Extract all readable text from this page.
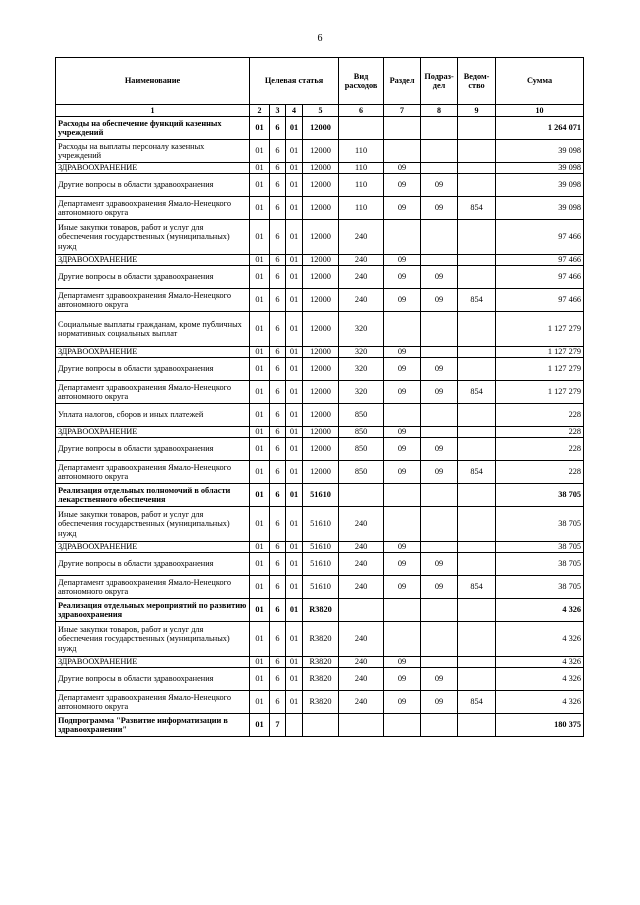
6
Наименование	Целевая статья				Вид расходов	Раздел	Подраз- дел	Ведом- ство	Сумма
1	2	3	4	5	6	7	8	9	10
Расходы на обеспечение функций казенных учреждений	01	6	01	12000					1 264 071
Расходы на выплаты персоналу казенных учреждений	01	6	01	12000	110				39 098
ЗДРАВООХРАНЕНИЕ	01	6	01	12000	110	09			39 098
Другие вопросы в области здравоохранения	01	6	01	12000	110	09	09		39 098
Департамент здравоохранения Ямало-Ненецкого автономного округа	01	6	01	12000	110	09	09	854	39 098
Иные закупки товаров, работ и услуг для обеспечения государственных (муниципальных) нужд	01	6	01	12000	240				97 466
ЗДРАВООХРАНЕНИЕ	01	6	01	12000	240	09			97 466
Другие вопросы в области здравоохранения	01	6	01	12000	240	09	09		97 466
Департамент здравоохранения Ямало-Ненецкого автономного округа	01	6	01	12000	240	09	09	854	97 466
Социальные выплаты гражданам, кроме публичных нормативных социальных выплат	01	6	01	12000	320				1 127 279
ЗДРАВООХРАНЕНИЕ	01	6	01	12000	320	09			1 127 279
Другие вопросы в области здравоохранения	01	6	01	12000	320	09	09		1 127 279
Департамент здравоохранения Ямало-Ненецкого автономного округа	01	6	01	12000	320	09	09	854	1 127 279
Уплата налогов, сборов и иных платежей	01	6	01	12000	850				228
ЗДРАВООХРАНЕНИЕ	01	6	01	12000	850	09			228
Другие вопросы в области здравоохранения	01	6	01	12000	850	09	09		228
Департамент здравоохранения Ямало-Ненецкого автономного округа	01	6	01	12000	850	09	09	854	228
Реализация отдельных полномочий в области лекарственного обеспечения	01	6	01	51610					38 705
Иные закупки товаров, работ и услуг для обеспечения государственных (муниципальных) нужд	01	6	01	51610	240				38 705
ЗДРАВООХРАНЕНИЕ	01	6	01	51610	240	09			38 705
Другие вопросы в области здравоохранения	01	6	01	51610	240	09	09		38 705
Департамент здравоохранения Ямало-Ненецкого автономного округа	01	6	01	51610	240	09	09	854	38 705
Реализация отдельных мероприятий по развитию здравоохранения	01	6	01	R3820					4 326
Иные закупки товаров, работ и услуг для обеспечения государственных (муниципальных) нужд	01	6	01	R3820	240				4 326
ЗДРАВООХРАНЕНИЕ	01	6	01	R3820	240	09			4 326
Другие вопросы в области здравоохранения	01	6	01	R3820	240	09	09		4 326
Департамент здравоохранения Ямало-Ненецкого автономного округа	01	6	01	R3820	240	09	09	854	4 326
Подпрограмма "Развитие информатизации в здравоохранении"	01	7							180 375
